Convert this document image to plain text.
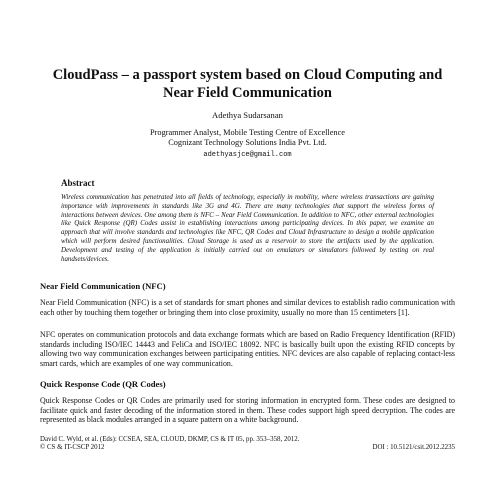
CloudPass – a passport system based on Cloud Computing and Near Field Communication
Adethya Sudarsanan
Programmer Analyst, Mobile Testing Centre of Excellence
Cognizant Technology Solutions India Pvt. Ltd.
adethyasjce@gmail.com
Abstract
Wireless communication has penetrated into all fields of technology, especially in mobility, where wireless transactions are gaining importance with improvements in standards like 3G and 4G. There are many technologies that support the wireless forms of interactions between devices. One among them is NFC – Near Field Communication. In addition to NFC, other external technologies like Quick Response (QR) Codes assist in establishing interactions among participating devices. In this paper, we examine an approach that will involve standards and technologies like NFC, QR Codes and Cloud Infrastructure to design a mobile application which will perform desired functionalities. Cloud Storage is used as a reservoir to store the artifacts used by the application. Development and testing of the application is initially carried out on emulators or simulators followed by testing on real handsets/devices.
Near Field Communication (NFC)
Near Field Communication (NFC) is a set of standards for smart phones and similar devices to establish radio communication with each other by touching them together or bringing them into close proximity, usually no more than 15 centimeters [1].
NFC operates on communication protocols and data exchange formats which are based on Radio Frequency Identification (RFID) standards including ISO/IEC 14443 and FeliCa and ISO/IEC 18092. NFC is basically built upon the existing RFID concepts by allowing two way communication exchanges between participating entities. NFC devices are also capable of replacing contact-less smart cards, which are examples of one way communication.
Quick Response Code (QR Codes)
Quick Response Codes or QR Codes are primarily used for storing information in encrypted form. These codes are designed to facilitate quick and faster decoding of the information stored in them. These codes support high speed decryption. The codes are represented as black modules arranged in a square pattern on a white background.
David C. Wyld, et al. (Eds): CCSEA, SEA, CLOUD, DKMP, CS & IT 05, pp. 353–358, 2012.
© CS & IT-CSCP 2012	DOI : 10.5121/csit.2012.2235
